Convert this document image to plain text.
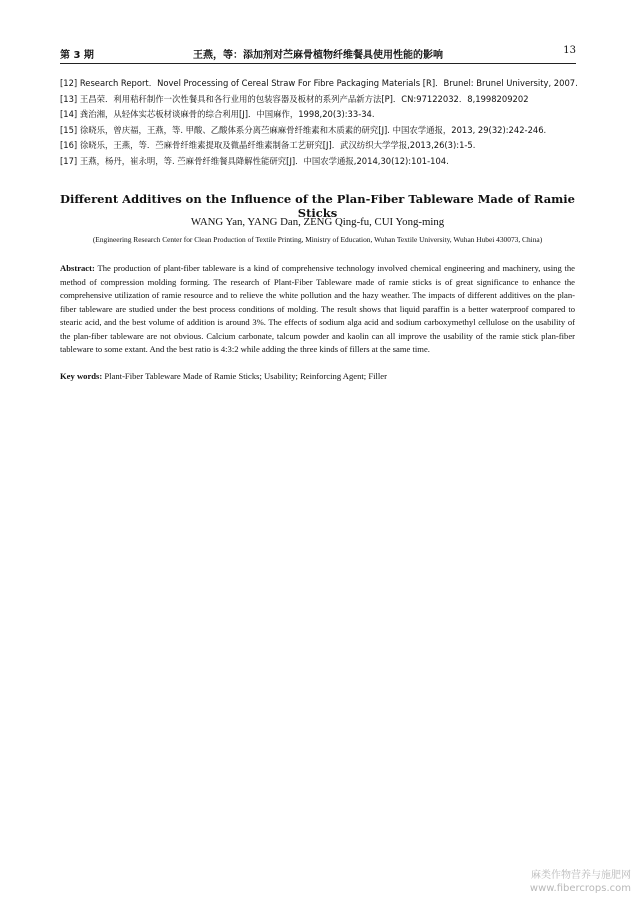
第 3 期	王燕，等：添加剂对苎麻骨植物纤维餐具使用性能的影响	13
[12] Research Report．Novel Processing of Cereal Straw For Fibre Packaging Materials [R]．Brunel: Brunel University, 2007.
[13] 王昌荣．利用秸秆制作一次性餐具和各行业用的包装容器及板材的系列产品新方法[P]．CN:97122032．8,1998209202
[14] 龚治湘，从轻体实芯板材谈麻骨的综合利用[J]．中国麻作，1998,20(3):33-34.
[15] 徐晓乐，曾庆福，王燕，等. 甲酸、乙酸体系分离苎麻麻骨纤维素和木质素的研究[J]. 中国农学通报，2013, 29(32):242-246.
[16] 徐晓乐，王燕，等．苎麻骨纤维素提取及微晶纤维素制备工艺研究[J]．武汉纺织大学学报,2013,26(3):1-5.
[17] 王燕，杨丹，崔永明，等. 苎麻骨纤维餐具降解性能研究[J]．中国农学通报,2014,30(12):101-104.
Different Additives on the Influence of the Plan-Fiber Tableware Made of Ramie Sticks
WANG Yan, YANG Dan, ZENG Qing-fu, CUI Yong-ming
(Engineering Research Center for Clean Production of Textile Printing, Ministry of Education, Wuhan Textile University, Wuhan Hubei 430073, China)
Abstract: The production of plant-fiber tableware is a kind of comprehensive technology involved chemical engineering and machinery, using the method of compression molding forming. The research of Plant-Fiber Tableware made of ramie sticks is of great significance to enhance the comprehensive utilization of ramie resource and to relieve the white pollution and the hazy weather. The impacts of different additives on the plan-fiber tableware are studied under the best process conditions of molding. The result shows that liquid paraffin is a better waterproof compared to stearic acid, and the best volume of addition is around 3%. The effects of sodium alga acid and sodium carboxymethyl cellulose on the usability of the plan-fiber tableware are not obvious. Calcium carbonate, talcum powder and kaolin can all improve the usability of the ramie stick plan-fiber tableware to some extant. And the best ratio is 4:3:2 while adding the three kinds of fillers at the same time.
Key words: Plant-Fiber Tableware Made of Ramie Sticks; Usability; Reinforcing Agent; Filler
麻类作物营养与施肥网
www.fibercrops.com
